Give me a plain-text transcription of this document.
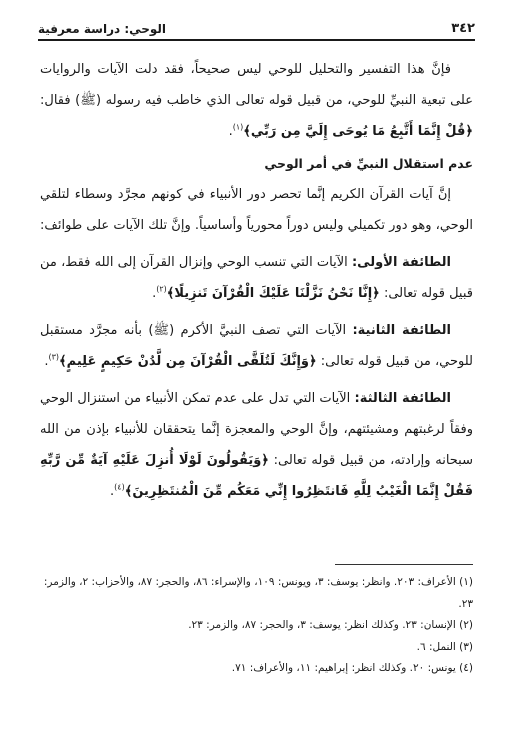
٣٤٢
الوحي: دراسة معرفية

فإنَّ هذا التفسير والتحليل للوحي ليس صحيحاً، فقد دلت الآيات والروايات على تبعية النبيِّ للوحي، من قبيل قوله تعالى الذي خاطب فيه رسوله (ﷺ) فقال: ﴿قُلْ إِنَّمَا أَتَّبِعُ مَا يُوحَى إِلَيَّ مِن رَبِّي﴾$^{(١)}$.

عدم استقلال النبيِّ في أمر الوحي

إنَّ آيات القرآن الكريم إنَّما تحصر دور الأنبياء في كونهم مجرَّد وسطاء لتلقي الوحي، وهو دور تكميلي وليس دوراً محورياً وأساسياً. وإنَّ تلك الآيات على طوائف:

الطائفة الأولى: الآيات التي تنسب الوحي وإنزال القرآن إلى الله فقط، من قبيل قوله تعالى: ﴿إِنَّا نَحْنُ نَزَّلْنَا عَلَيْكَ الْقُرْآنَ تَنزِيلًا﴾$^{(٢)}$.

الطائفة الثانية: الآيات التي تصف النبيَّ الأكرم (ﷺ) بأنه مجرَّد مستقبل للوحي، من قبيل قوله تعالى: ﴿وَإِنَّكَ لَتُلَقَّى الْقُرْآنَ مِن لَّدُنْ حَكِيمٍ عَلِيمٍ﴾$^{(٣)}$.

الطائفة الثالثة: الآيات التي تدل على عدم تمكن الأنبياء من استنزال الوحي وفقاً لرغبتهم ومشيئتهم، وإنَّ الوحي والمعجزة إنَّما يتحققان للأنبياء بإذن من الله سبحانه وإرادته، من قبيل قوله تعالى: ﴿وَيَقُولُونَ لَوْلَا أُنزِلَ عَلَيْهِ آيَةٌ مِّن رَّبِّهِ فَقُلْ إِنَّمَا الْغَيْبُ لِلَّهِ فَانتَظِرُوا إِنِّي مَعَكُم مِّنَ الْمُنتَظِرِينَ﴾$^{(٤)}$.

(١) الأعراف: ٢٠٣. وانظر: يوسف: ٣، ويونس: ١٠٩، والإسراء: ٨٦، والحجر: ٨٧، والأحزاب: ٢، والزمر: ٢٣.
(٢) الإنسان: ٢٣. وكذلك انظر: يوسف: ٣، والحجر: ٨٧، والزمر: ٢٣.
(٣) النمل: ٦.
(٤) يونس: ٢٠. وكذلك انظر: إبراهيم: ١١، والأعراف: ٧١.
